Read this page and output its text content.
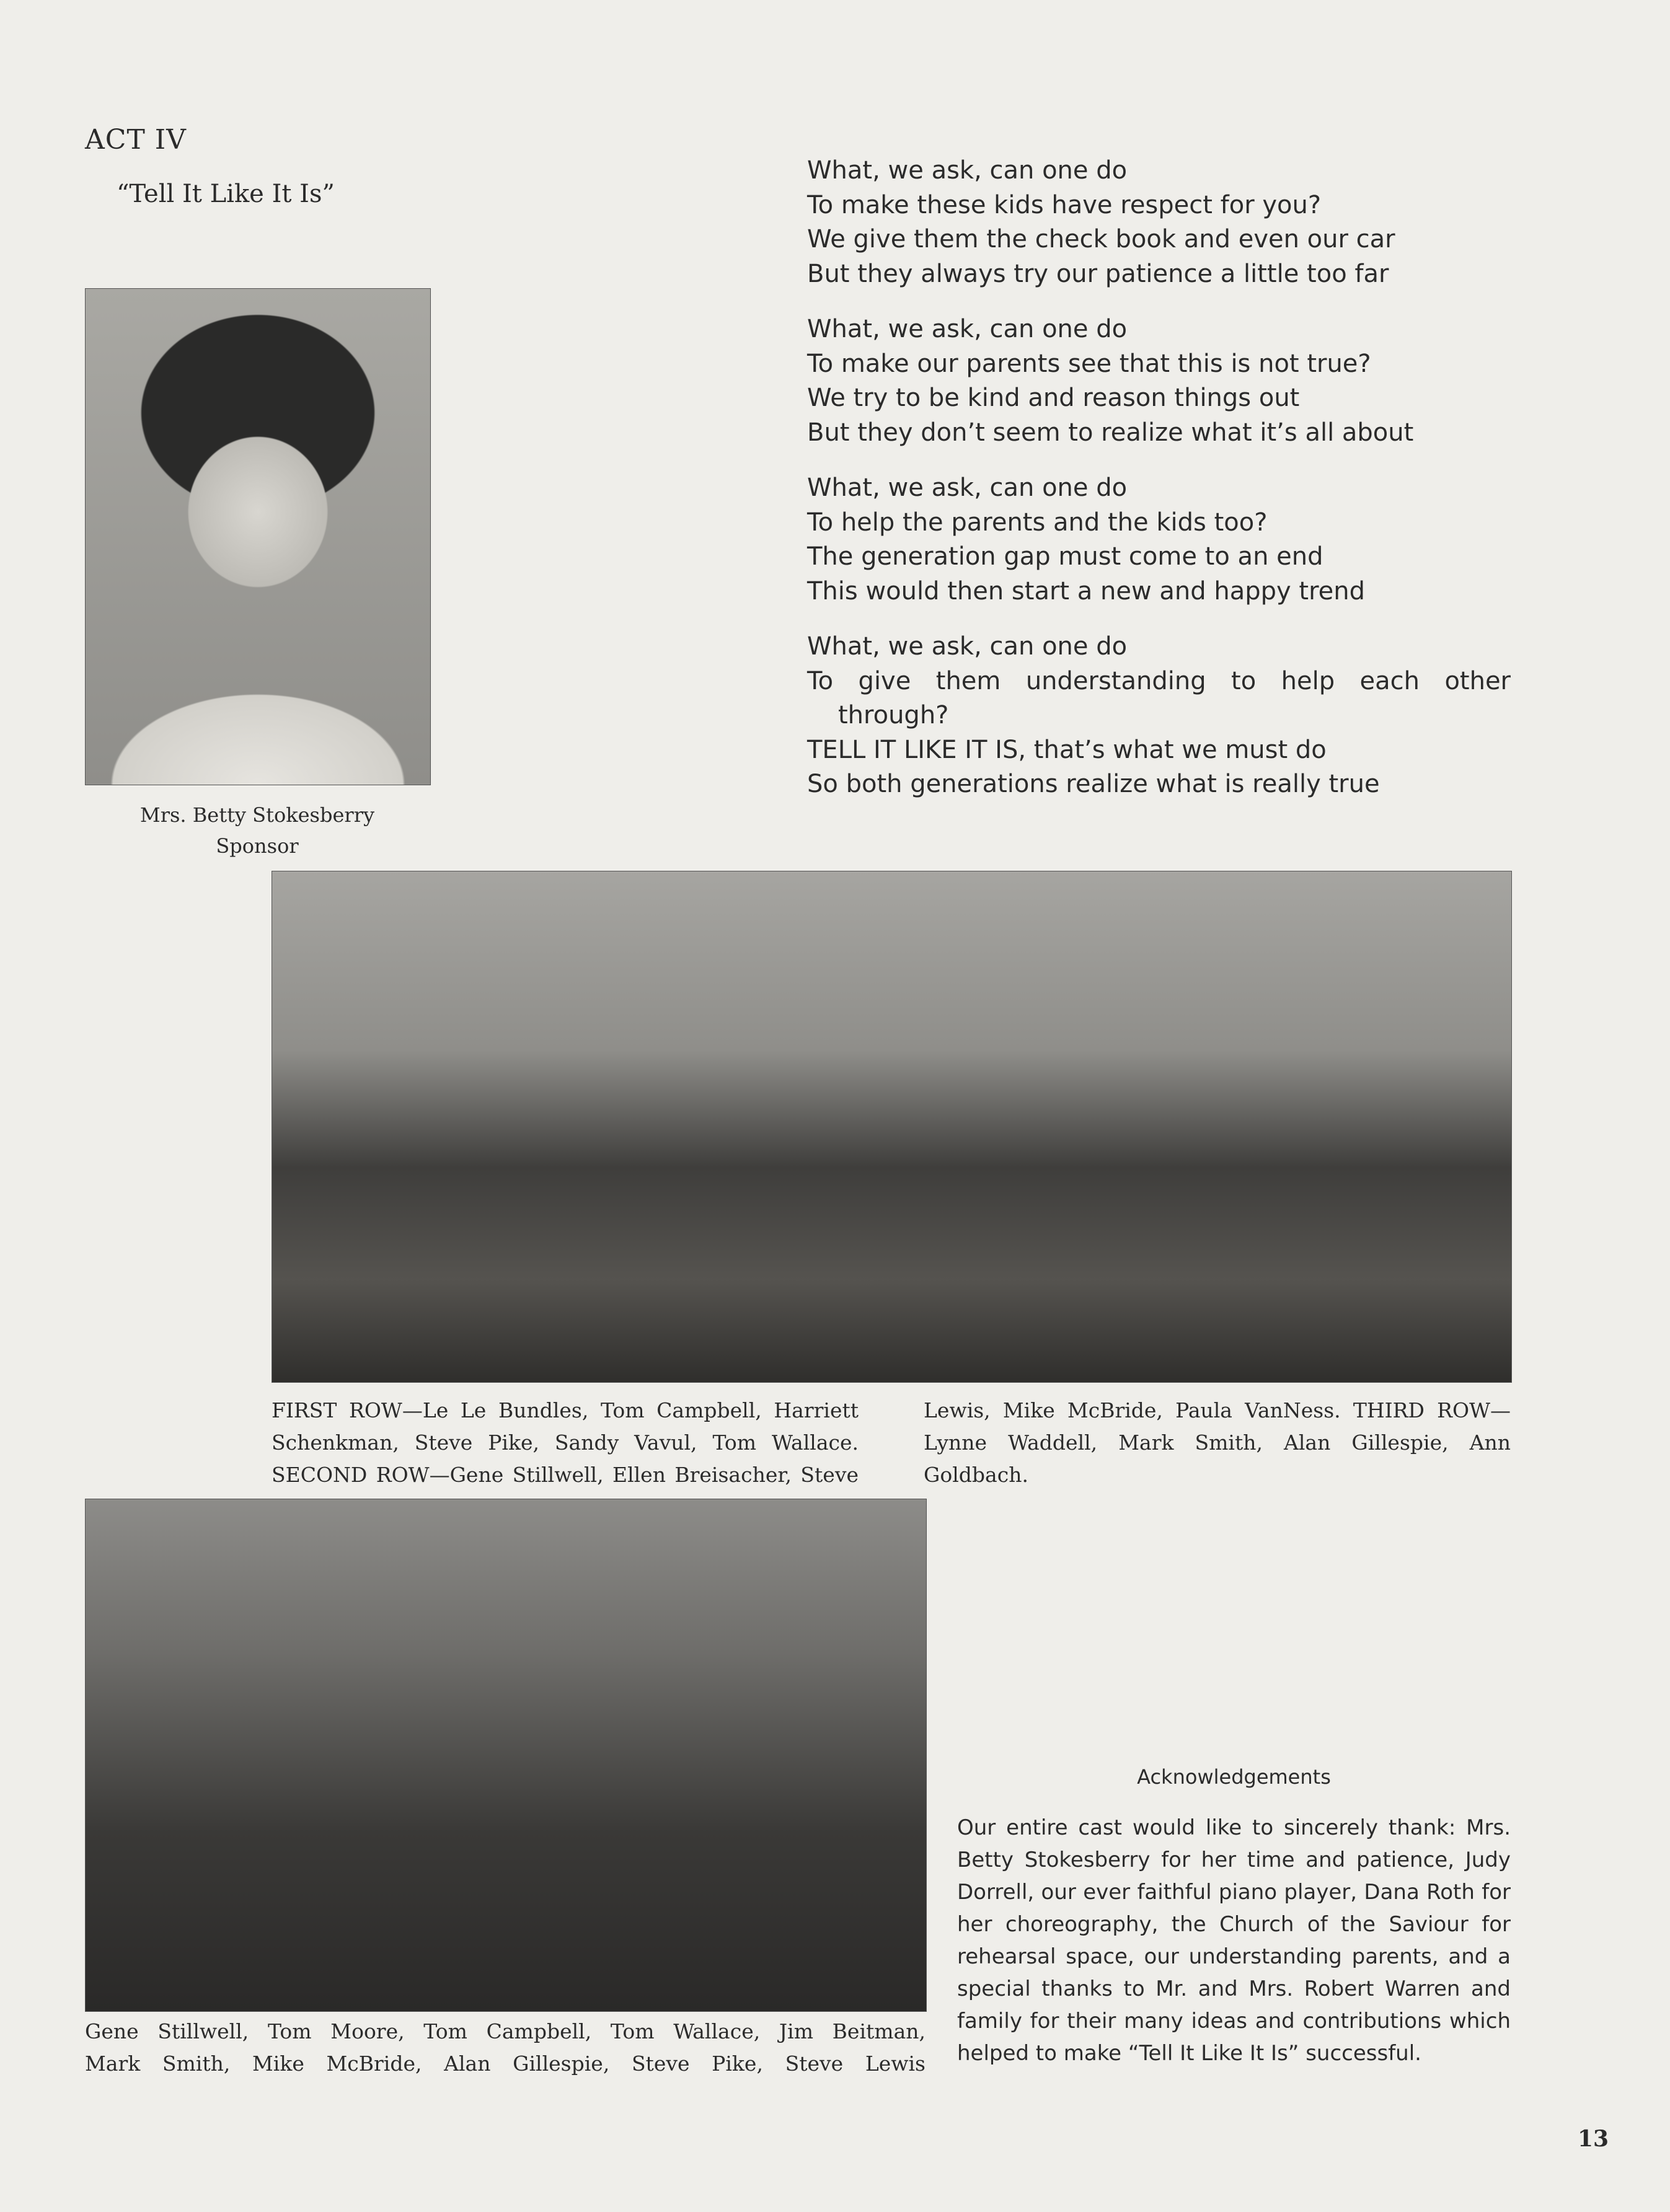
ACT IV
“Tell It Like It Is”
Mrs. Betty Stokesberry
Sponsor
What, we ask, can one do
To make these kids have respect for you?
We give them the check book and even our car
But they always try our patience a little too far
What, we ask, can one do
To make our parents see that this is not true?
We try to be kind and reason things out
But they don’t seem to realize what it’s all about
What, we ask, can one do
To help the parents and the kids too?
The generation gap must come to an end
This would then start a new and happy trend
What, we ask, can one do
To give them understanding to help each other
through?
TELL IT LIKE IT IS, that’s what we must do
So both generations realize what is really true
FIRST ROW—Le Le Bundles, Tom Campbell, Harriett Schenkman, Steve Pike, Sandy Vavul, Tom Wallace. SECOND ROW—Gene Stillwell, Ellen Breisacher, Steve Lewis, Mike McBride, Paula VanNess. THIRD ROW—Lynne Waddell, Mark Smith, Alan Gillespie, Ann Goldbach.
Gene Stillwell, Tom Moore, Tom Campbell, Tom Wallace, Jim Beitman,
Mark Smith, Mike McBride, Alan Gillespie, Steve Pike, Steve Lewis
Acknowledgements
Our entire cast would like to sincerely thank: Mrs. Betty Stokesberry for her time and patience, Judy Dorrell, our ever faithful piano player, Dana Roth for her choreography, the Church of the Saviour for rehearsal space, our understanding parents, and a special thanks to Mr. and Mrs. Robert Warren and family for their many ideas and contributions which helped to make “Tell It Like It Is” successful.
13
